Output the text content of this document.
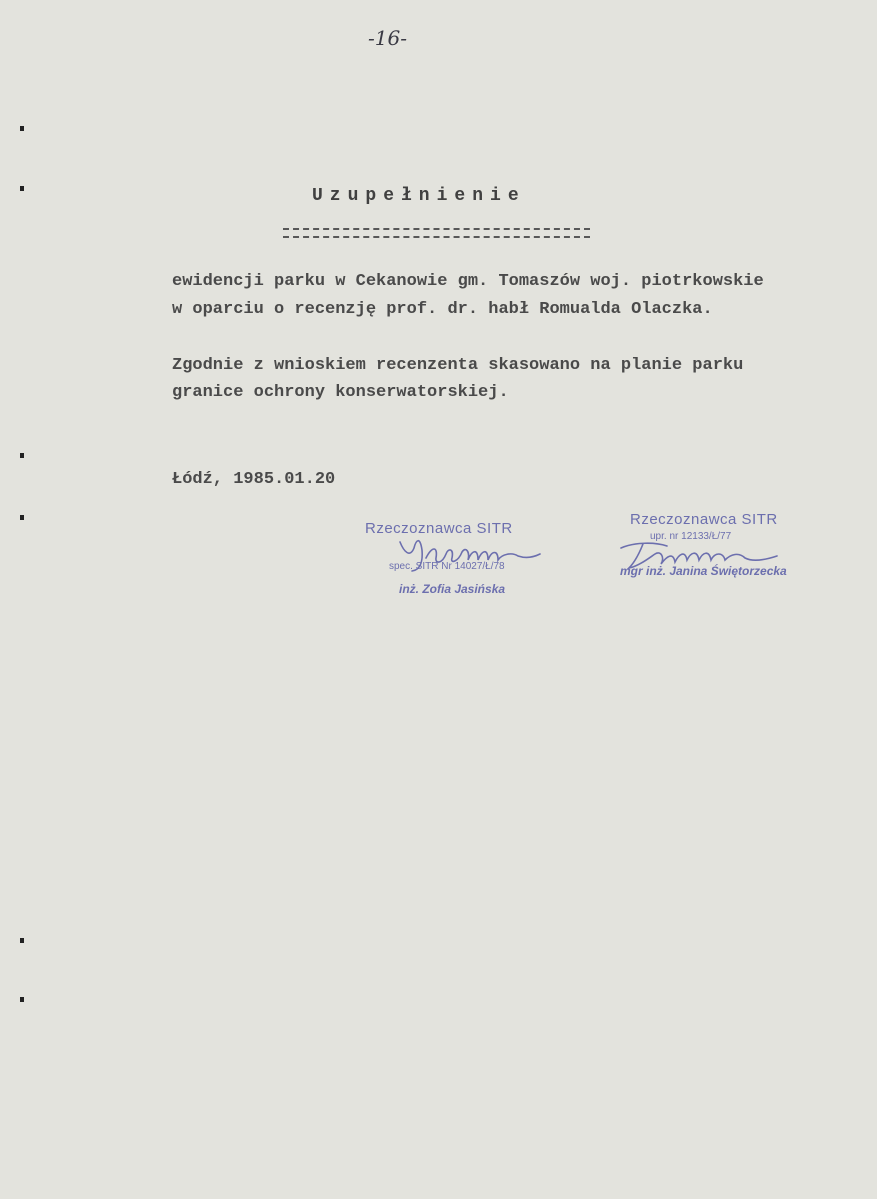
-16-
Uzupełnienie
ewidencji parku w Cekanowie gm. Tomaszów woj. piotrkowskie
w oparciu o recenzję prof. dr. habł Romualda Olaczka.
Zgodnie z wnioskiem recenzenta skasowano na planie parku
granice ochrony konserwatorskiej.
Łódź, 1985.01.20
Rzeczoznawca SITR
spec. SITR Nr 14027/Ł/78
inż. Zofia Jasińska
Rzeczoznawca SITR
upr. nr 12133/Ł/77
mgr inż. Janina Świętorzecka
